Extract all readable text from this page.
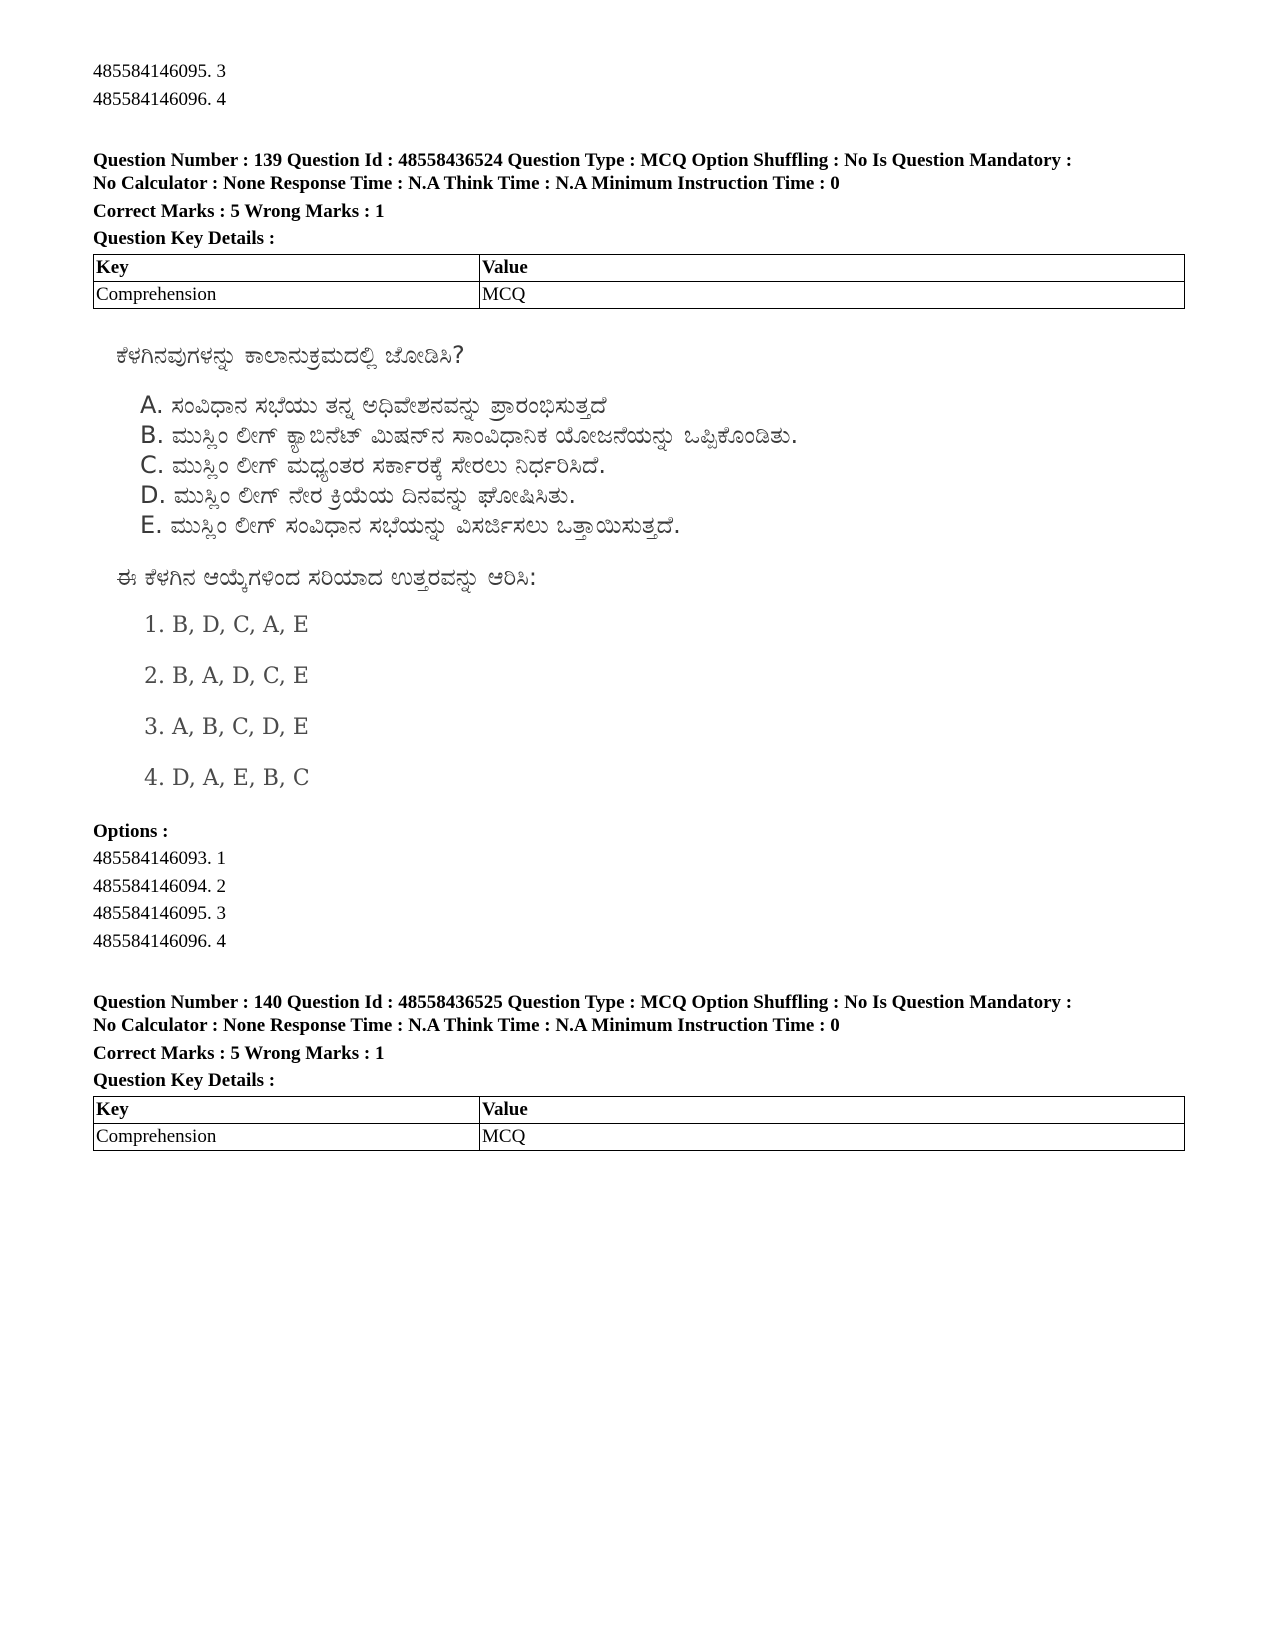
485584146095. 3
485584146096. 4
Question Number : 139 Question Id : 48558436524 Question Type : MCQ Option Shuffling : No Is Question Mandatory :
No Calculator : None Response Time : N.A Think Time : N.A Minimum Instruction Time : 0
Correct Marks : 5 Wrong Marks : 1
Question Key Details :
Key	Value
Comprehension	MCQ
ಕೆಳಗಿನವುಗಳನ್ನು ಕಾಲಾನುಕ್ರಮದಲ್ಲಿ ಜೋಡಿಸಿ?
A. ಸಂವಿಧಾನ ಸಭೆಯು ತನ್ನ ಅಧಿವೇಶನವನ್ನು ಪ್ರಾರಂಭಿಸುತ್ತದೆ
B. ಮುಸ್ಲಿಂ ಲೀಗ್ ಕ್ಯಾಬಿನೆಟ್ ಮಿಷನ್‌ನ ಸಾಂವಿಧಾನಿಕ ಯೋಜನೆಯನ್ನು ಒಪ್ಪಿಕೊಂಡಿತು.
C. ಮುಸ್ಲಿಂ ಲೀಗ್ ಮಧ್ಯಂತರ ಸರ್ಕಾರಕ್ಕೆ ಸೇರಲು ನಿರ್ಧರಿಸಿದೆ.
D. ಮುಸ್ಲಿಂ ಲೀಗ್ ನೇರ ಕ್ರಿಯೆಯ ದಿನವನ್ನು ಘೋಷಿಸಿತು.
E. ಮುಸ್ಲಿಂ ಲೀಗ್ ಸಂವಿಧಾನ ಸಭೆಯನ್ನು ವಿಸರ್ಜಿಸಲು ಒತ್ತಾಯಿಸುತ್ತದೆ.
ಈ ಕೆಳಗಿನ ಆಯ್ಕೆಗಳಿಂದ ಸರಿಯಾದ ಉತ್ತರವನ್ನು ಆರಿಸಿ:
1. B, D, C, A, E
2. B, A, D, C, E
3. A, B, C, D, E
4. D, A, E, B, C
Options :
485584146093. 1
485584146094. 2
485584146095. 3
485584146096. 4
Question Number : 140 Question Id : 48558436525 Question Type : MCQ Option Shuffling : No Is Question Mandatory :
No Calculator : None Response Time : N.A Think Time : N.A Minimum Instruction Time : 0
Correct Marks : 5 Wrong Marks : 1
Question Key Details :
Key	Value
Comprehension	MCQ
